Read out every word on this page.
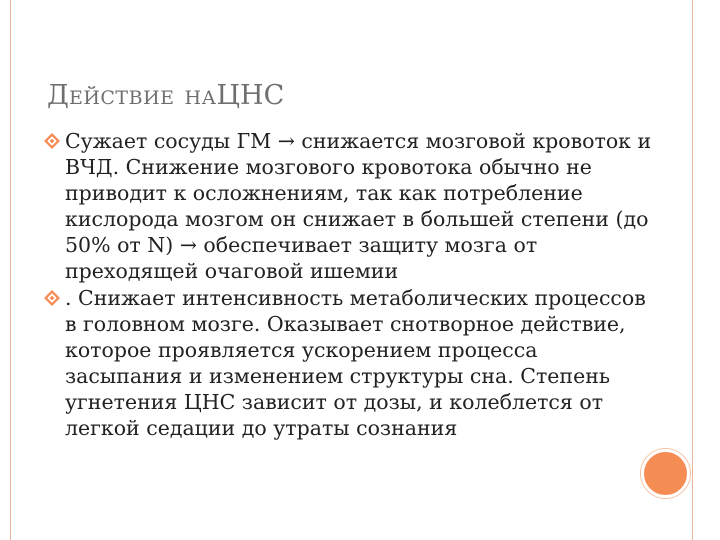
ДЕЙСТВИЕ НАЦНС
Сужает сосуды ГМ → снижается мозговой кровоток и ВЧД. Снижение мозгового кровотока обычно не приводит к осложнениям, так как потребление кислорода мозгом он снижает в большей степени (до 50% от N) → обеспечивает защиту мозга от преходящей очаговой ишемии
. Снижает интенсивность метаболических процессов в головном мозге. Оказывает снотворное действие, которое проявляется ускорением процесса засыпания и изменением структуры сна. Степень угнетения ЦНС зависит от дозы, и колеблется от легкой седации до утраты сознания
